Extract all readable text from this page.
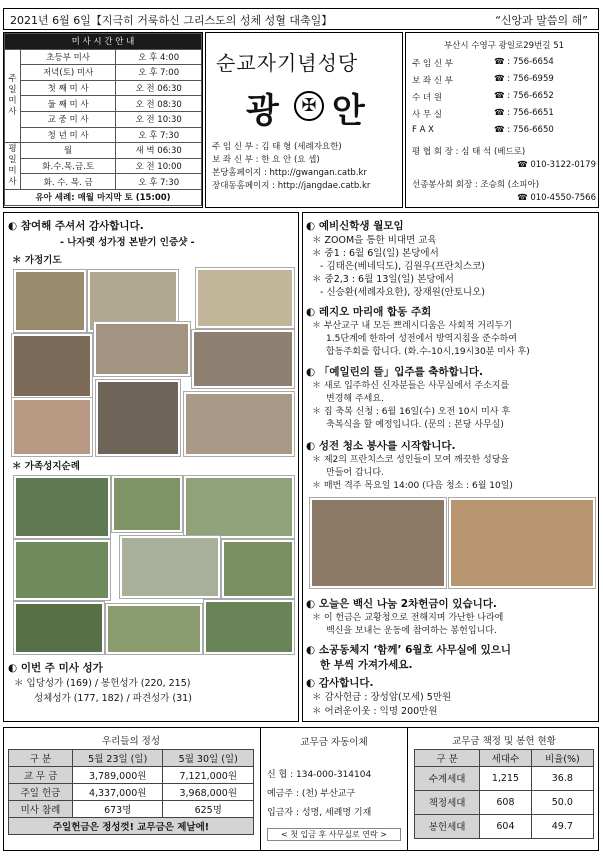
2021년 6월 6일【지극히 거룩하신 그리스도의 성체 성혈 대축일】	“신앙과 말씀의 해”
미 사 시 간 안 내		
주일미사	초등부 미사	오 후 4:00
	저녁(토) 미사	오 후 7:00
	첫 째 미 사	오 전 06:30
	둘 째 미 사	오 전 08:30
	교 중 미 사	오 전 10:30
	청 년 미 사	오 후 7:30
평일미사	월	새 벽 06:30
	화.수.목.금.토	오 전 10:00
	화. 수. 목. 금	오 후 7:30
유아 세례: 매월 마지막 토 (15:00)		
순교자기념성당
광	✠ 안
주 임 신 부 : 김 태 형 (세례자요한)
보 좌 신 부 : 한 요 안 (요 셉)
본당홈페이지 : http://gwangan.catb.kr
장대동홈페이지 : http://jangdae.catb.kr
부산시 수영구 광일로29번길 51
주 임 신 부	☎ : 756-6654
보 좌 신 부	☎ : 756-6959
수 녀 원	☎ : 756-6652
사 무 실	☎ : 756-6651
F A X	☎ : 756-6650
평 협 회 장 : 심 태 석 (베드로)
☎ 010-3122-0179
선종봉사회 회장 : 조승희 (소피아)
☎ 010-4550-7566
◐ 참여해 주셔서 감사합니다.
- 나자렛 성가정 본받기 인증샷 -
＊ 가정기도
＊ 가족성지순례
◐ 이번 주 미사 성가
＊ 입당성가 (169) / 봉헌성가 (220, 215)
성체성가 (177, 182) / 파견성가 (31)
◐ 예비신학생 월모임
＊ ZOOM을 통한 비대면 교육
＊ 중1 : 6월 6일(일) 본당에서
- 김태은(베네딕도), 김원우(프란치스코)
＊ 중2,3 : 6월 13일(일) 본당에서
- 신승환(세례자요한), 장재원(안토니오)
◐ 레지오 마리애 합동 주회
＊ 부산교구 내 모든 쁘레시디움은 사회적 거리두기
1.5단계에 한하여 성전에서 방역지침을 준수하여
합동주회를 합니다. (화.수-10시,19시30분 미사 후)
◐ 「예일린의 뜰」입주를 축하합니다.
＊ 새로 입주하신 신자분들은 사무실에서 주소지를
변경해 주세요.
＊ 집 축복 신청 : 6월 16일(수) 오전 10시 미사 후
축복식을 할 예정입니다. (문의 : 본당 사무실)
◐ 성전 청소 봉사를 시작합니다.
＊ 제2의 프란치스코 성인들이 모여 깨끗한 성당을
만들어 갑니다.
＊ 매번 격주 목요일 14:00 (다음 청소 : 6월 10일)
◐ 오늘은 백신 나눔 2차헌금이 있습니다.
＊ 이 헌금은 교황청으로 전해지며 가난한 나라에
백신을 보내는 운동에 참여하는 봉헌입니다.
◐ 소공동체지 ‘함께’ 6월호 사무실에 있으니
한 부씩 가져가세요.
◐ 감사합니다.
＊ 감사헌금 : 장성암(모세) 5만원
＊ 어려운이웃 : 익명 200만원
우리들의 정성		
구 분	5월 23일 (일)	5월 30일 (일)
교 무 금	3,789,000원	7,121,000원
주일 헌금	4,337,000원	3,968,000원
미사 참례	673명	625명
주일헌금은 정성껏! 교무금은 제날에!		
교무금 자동이체
신 협 : 134-000-314104
예금주 : (천) 부산교구
입금자 : 성명, 세례명 기재
< 첫 입금 후 사무실로 연락 >
교무금 책정 및 봉헌 현황		
구 분	세대수	비율(%)
수계세대	1,215	36.8
책정세대	608	50.0
봉헌세대	604	49.7
